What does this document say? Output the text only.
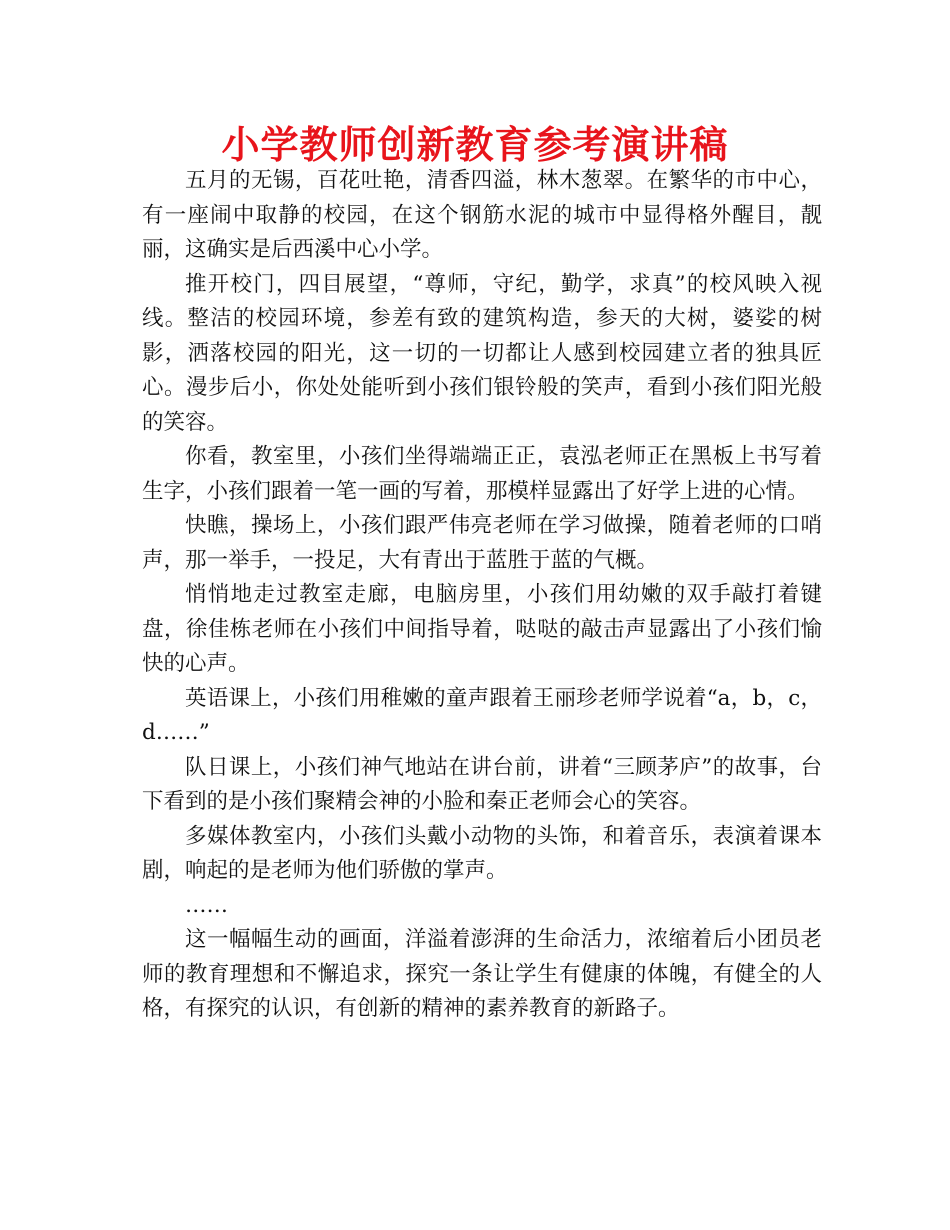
小学教师创新教育参考演讲稿

五月的无锡，百花吐艳，清香四溢，林木葱翠。在繁华的市中心，有一座闹中取静的校园，在这个钢筋水泥的城市中显得格外醒目，靓丽，这确实是后西溪中心小学。

推开校门，四目展望，“尊师，守纪，勤学，求真”的校风映入视线。整洁的校园环境，参差有致的建筑构造，参天的大树，婆娑的树影，洒落校园的阳光，这一切的一切都让人感到校园建立者的独具匠心。漫步后小，你处处能听到小孩们银铃般的笑声，看到小孩们阳光般的笑容。

你看，教室里，小孩们坐得端端正正，袁泓老师正在黑板上书写着生字，小孩们跟着一笔一画的写着，那模样显露出了好学上进的心情。

快瞧，操场上，小孩们跟严伟亮老师在学习做操，随着老师的口哨声，那一举手，一投足，大有青出于蓝胜于蓝的气概。

悄悄地走过教室走廊，电脑房里，小孩们用幼嫩的双手敲打着键盘，徐佳栋老师在小孩们中间指导着，哒哒的敲击声显露出了小孩们愉快的心声。

英语课上，小孩们用稚嫩的童声跟着王丽珍老师学说着“a，b，c，d……”

队日课上，小孩们神气地站在讲台前，讲着“三顾茅庐”的故事，台下看到的是小孩们聚精会神的小脸和秦正老师会心的笑容。

多媒体教室内，小孩们头戴小动物的头饰，和着音乐，表演着课本剧，响起的是老师为他们骄傲的掌声。

……

这一幅幅生动的画面，洋溢着澎湃的生命活力，浓缩着后小团员老师的教育理想和不懈追求，探究一条让学生有健康的体魄，有健全的人格，有探究的认识，有创新的精神的素养教育的新路子。
